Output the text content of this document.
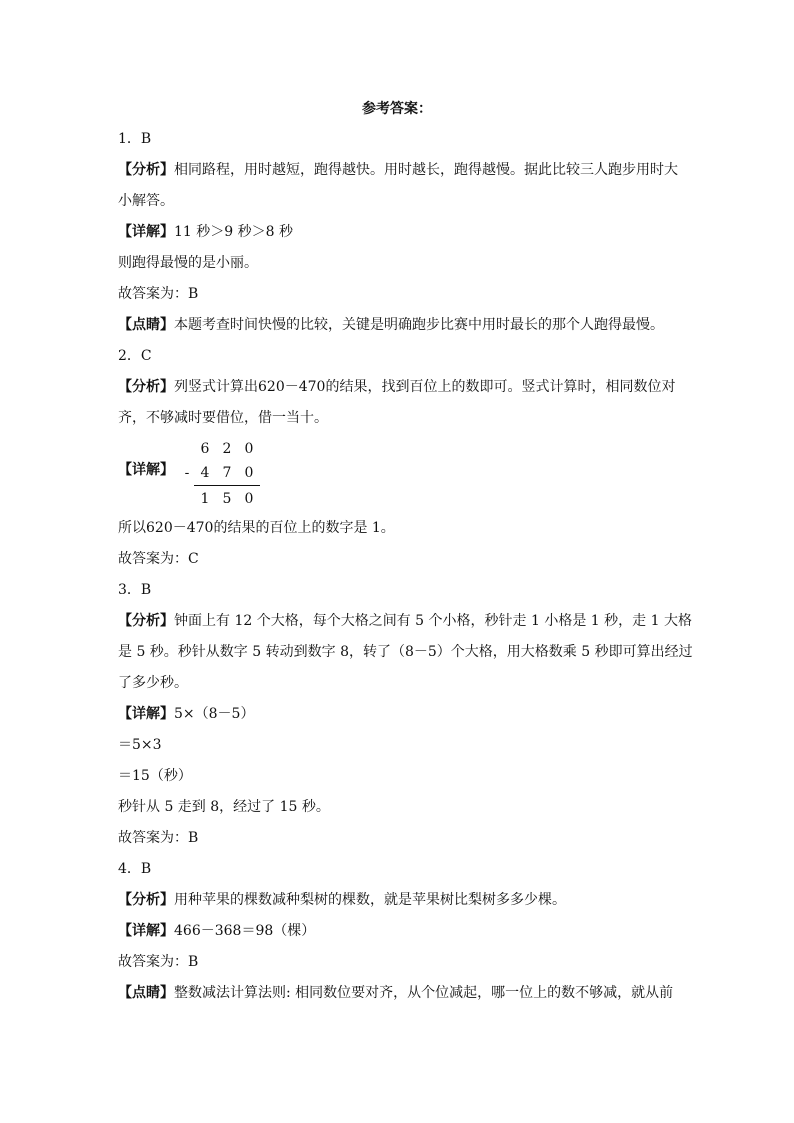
参考答案：
1．B
【分析】相同路程，用时越短，跑得越快。用时越长，跑得越慢。据此比较三人跑步用时大
小解答。
【详解】11 秒＞9 秒＞8 秒
则跑得最慢的是小丽。
故答案为：B
【点睛】本题考查时间快慢的比较，关键是明确跑步比赛中用时最长的那个人跑得最慢。
2．C
【分析】列竖式计算出620－470的结果，找到百位上的数即可。竖式计算时，相同数位对
齐，不够减时要借位，借一当十。
【详解】
6 2 0
- 4 7 0
1 5 0
所以620－470的结果的百位上的数字是 1。
故答案为：C
3．B
【分析】钟面上有 12 个大格，每个大格之间有 5 个小格，秒针走 1 小格是 1 秒，走 1 大格
是 5 秒。秒针从数字 5 转动到数字 8，转了（8－5）个大格，用大格数乘 5 秒即可算出经过
了多少秒。
【详解】5×（8－5）
＝5×3
＝15（秒）
秒针从 5 走到 8，经过了 15 秒。
故答案为：B
4．B
【分析】用种苹果的棵数减种梨树的棵数，就是苹果树比梨树多多少棵。
【详解】466－368＝98（棵）
故答案为：B
【点睛】整数减法计算法则: 相同数位要对齐，从个位减起，哪一位上的数不够减，就从前
